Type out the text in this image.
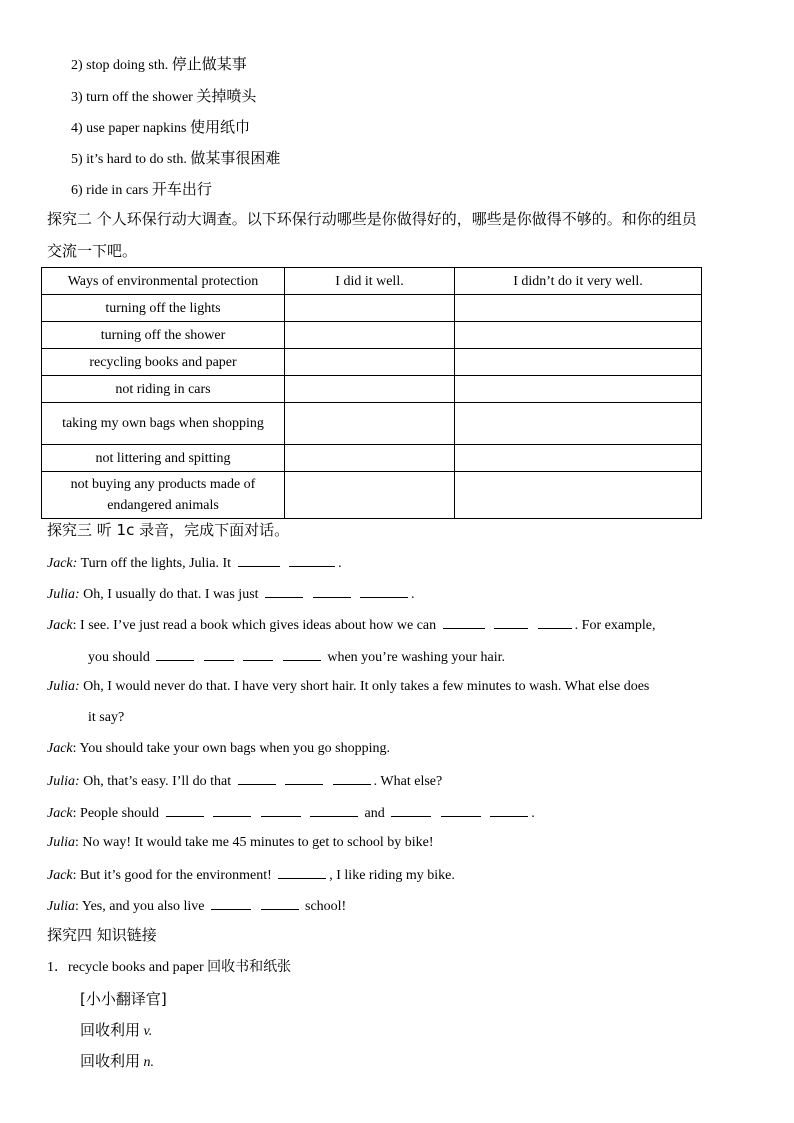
2) stop doing sth. 停止做某事
3) turn off the shower 关掉喷头
4) use paper napkins 使用纸巾
5) it’s hard to do sth. 做某事很困难
6) ride in cars 开车出行
探究二 个人环保行动大调查。以下环保行动哪些是你做得好的，哪些是你做得不够的。和你的组员
交流一下吧。
Ways of environmental protection	I did it well.	I didn’t do it very well.
turning off the lights		
turning off the shower		
recycling books and paper		
not riding in cars		
taking my own bags when shopping		
not littering and spitting		
not buying any products made of endangered animals		
探究三 听 1c 录音，完成下面对话。
Jack: Turn off the lights, Julia. It	.
Julia: Oh, I usually do that. I was just	.
Jack: I see. I’ve just read a book which gives ideas about how we can	. For example,
you should	when you’re washing your hair.
Julia: Oh, I would never do that. I have very short hair. It only takes a few minutes to wash. What else does
it say?
Jack: You should take your own bags when you go shopping.
Julia: Oh, that’s easy. I’ll do that	. What else?
Jack: People should	and	.
Julia: No way! It would take me 45 minutes to get to school by bike!
Jack: But it’s good for the environment!	, I like riding my bike.
Julia: Yes, and you also live	school!
探究四 知识链接
1．recycle books and paper 回收书和纸张
[小小翻译官]
回收利用 v.
回收利用 n.
